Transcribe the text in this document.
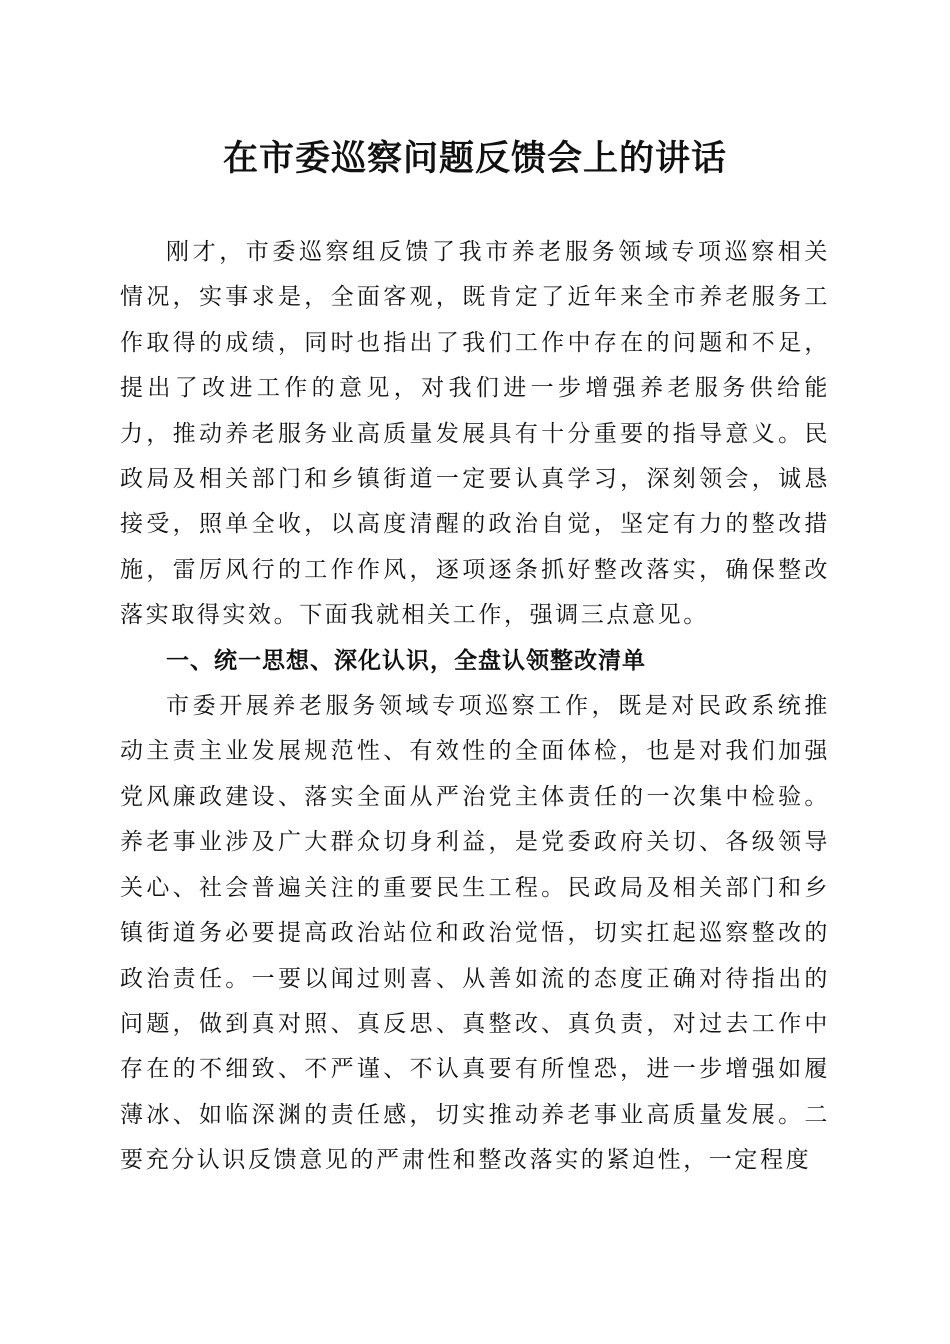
在市委巡察问题反馈会上的讲话

刚才，市委巡察组反馈了我市养老服务领域专项巡察相关情况，实事求是，全面客观，既肯定了近年来全市养老服务工作取得的成绩，同时也指出了我们工作中存在的问题和不足，提出了改进工作的意见，对我们进一步增强养老服务供给能力，推动养老服务业高质量发展具有十分重要的指导意义。民政局及相关部门和乡镇街道一定要认真学习，深刻领会，诚恳接受，照单全收，以高度清醒的政治自觉，坚定有力的整改措施，雷厉风行的工作作风，逐项逐条抓好整改落实，确保整改落实取得实效。下面我就相关工作，强调三点意见。

一、统一思想、深化认识，全盘认领整改清单

市委开展养老服务领域专项巡察工作，既是对民政系统推动主责主业发展规范性、有效性的全面体检，也是对我们加强党风廉政建设、落实全面从严治党主体责任的一次集中检验。养老事业涉及广大群众切身利益，是党委政府关切、各级领导关心、社会普遍关注的重要民生工程。民政局及相关部门和乡镇街道务必要提高政治站位和政治觉悟，切实扛起巡察整改的政治责任。一要以闻过则喜、从善如流的态度正确对待指出的问题，做到真对照、真反思、真整改、真负责，对过去工作中存在的不细致、不严谨、不认真要有所惶恐，进一步增强如履薄冰、如临深渊的责任感，切实推动养老事业高质量发展。二要充分认识反馈意见的严肃性和整改落实的紧迫性，一定程度
